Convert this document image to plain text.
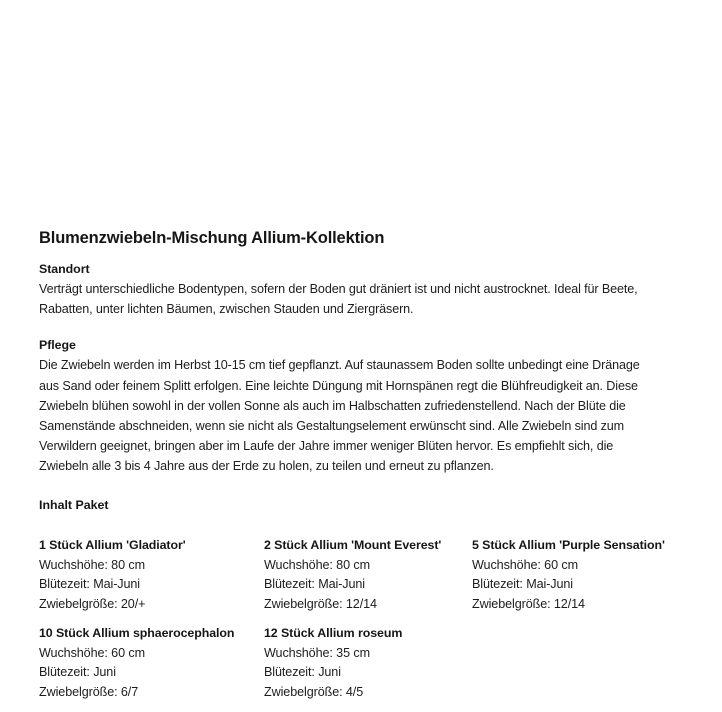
Blumenzwiebeln-Mischung Allium-Kollektion
Standort

Verträgt unterschiedliche Bodentypen, sofern der Boden gut dräniert ist und nicht austrocknet. Ideal für Beete,
Rabatten, unter lichten Bäumen, zwischen Stauden und Ziergräsern.

Pflege

Die Zwiebeln werden im Herbst 10-15 cm tief gepflanzt. Auf staunassem Boden sollte unbedingt eine Dränage
aus Sand oder feinem Splitt erfolgen. Eine leichte Düngung mit Hornspänen regt die Blühfreudigkeit an. Diese
Zwiebeln blühen sowohl in der vollen Sonne als auch im Halbschatten zufriedenstellend. Nach der Blüte die
Samenstände abschneiden, wenn sie nicht als Gestaltungselement erwünscht sind. Alle Zwiebeln sind zum
Verwildern geeignet, bringen aber im Laufe der Jahre immer weniger Blüten hervor. Es empfiehlt sich, die
Zwiebeln alle 3 bis 4 Jahre aus der Erde zu holen, zu teilen und erneut zu pflanzen.

Inhalt Paket
1 Stück Allium 'Gladiator'
Wuchshöhe: 80 cm
Blütezeit: Mai-Juni
Zwiebelgröße: 20/+
2 Stück Allium 'Mount Everest'
Wuchshöhe: 80 cm
Blütezeit: Mai-Juni
Zwiebelgröße: 12/14
5 Stück Allium 'Purple Sensation'
Wuchshöhe: 60 cm
Blütezeit: Mai-Juni
Zwiebelgröße: 12/14
10 Stück Allium sphaerocephalon
Wuchshöhe: 60 cm
Blütezeit: Juni
Zwiebelgröße: 6/7
12 Stück Allium roseum
Wuchshöhe: 35 cm
Blütezeit: Juni
Zwiebelgröße: 4/5
